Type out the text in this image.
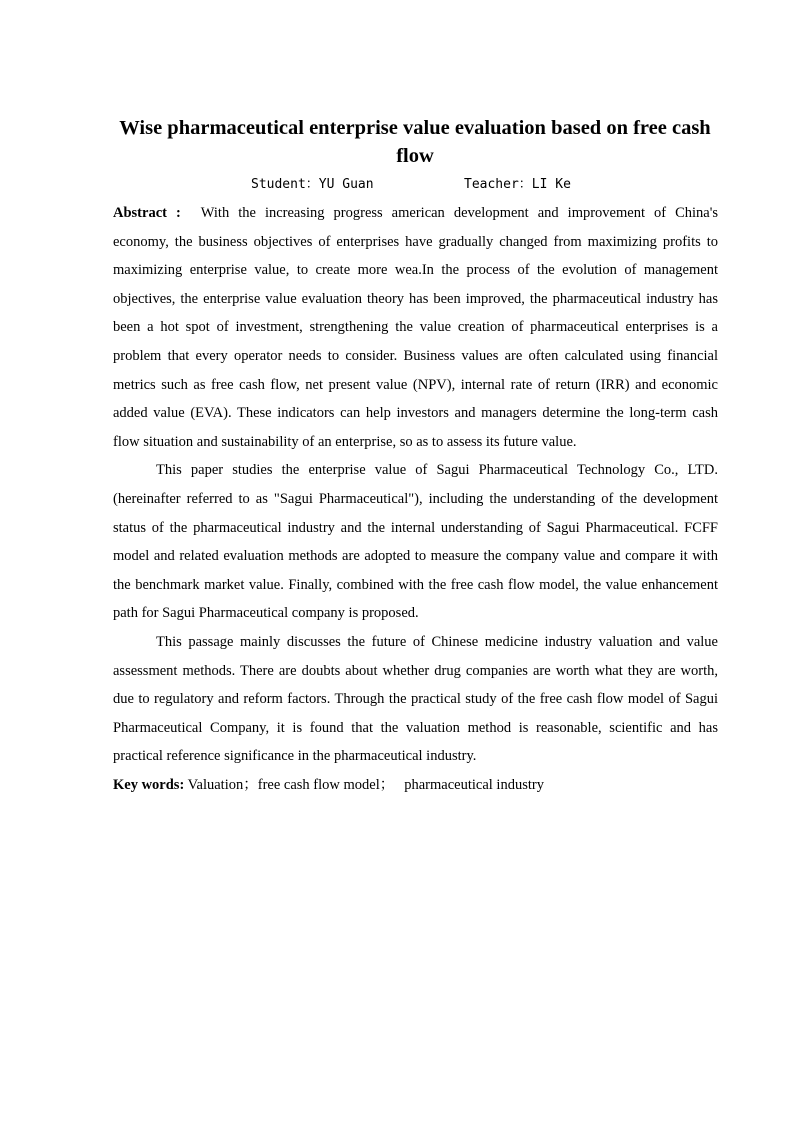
Wise pharmaceutical enterprise value evaluation based on free cash flow
Student：YU Guan	Teacher：LI Ke

Abstract : With the increasing progress american development and improvement of China's economy, the business objectives of enterprises have gradually changed from maximizing profits to maximizing enterprise value, to create more wea.In the process of the evolution of management objectives, the enterprise value evaluation theory has been improved, the pharmaceutical industry has been a hot spot of investment, strengthening the value creation of pharmaceutical enterprises is a problem that every operator needs to consider. Business values are often calculated using financial metrics such as free cash flow, net present value (NPV), internal rate of return (IRR) and economic added value (EVA). These indicators can help investors and managers determine the long-term cash flow situation and sustainability of an enterprise, so as to assess its future value.

This paper studies the enterprise value of Sagui Pharmaceutical Technology Co., LTD. (hereinafter referred to as "Sagui Pharmaceutical"), including the understanding of the development status of the pharmaceutical industry and the internal understanding of Sagui Pharmaceutical. FCFF model and related evaluation methods are adopted to measure the company value and compare it with the benchmark market value. Finally, combined with the free cash flow model, the value enhancement path for Sagui Pharmaceutical company is proposed.

This passage mainly discusses the future of Chinese medicine industry valuation and value assessment methods. There are doubts about whether drug companies are worth what they are worth, due to regulatory and reform factors. Through the practical study of the free cash flow model of Sagui Pharmaceutical Company, it is found that the valuation method is reasonable, scientific and has practical reference significance in the pharmaceutical industry.

Key words: Valuation；free cash flow model； pharmaceutical industry
